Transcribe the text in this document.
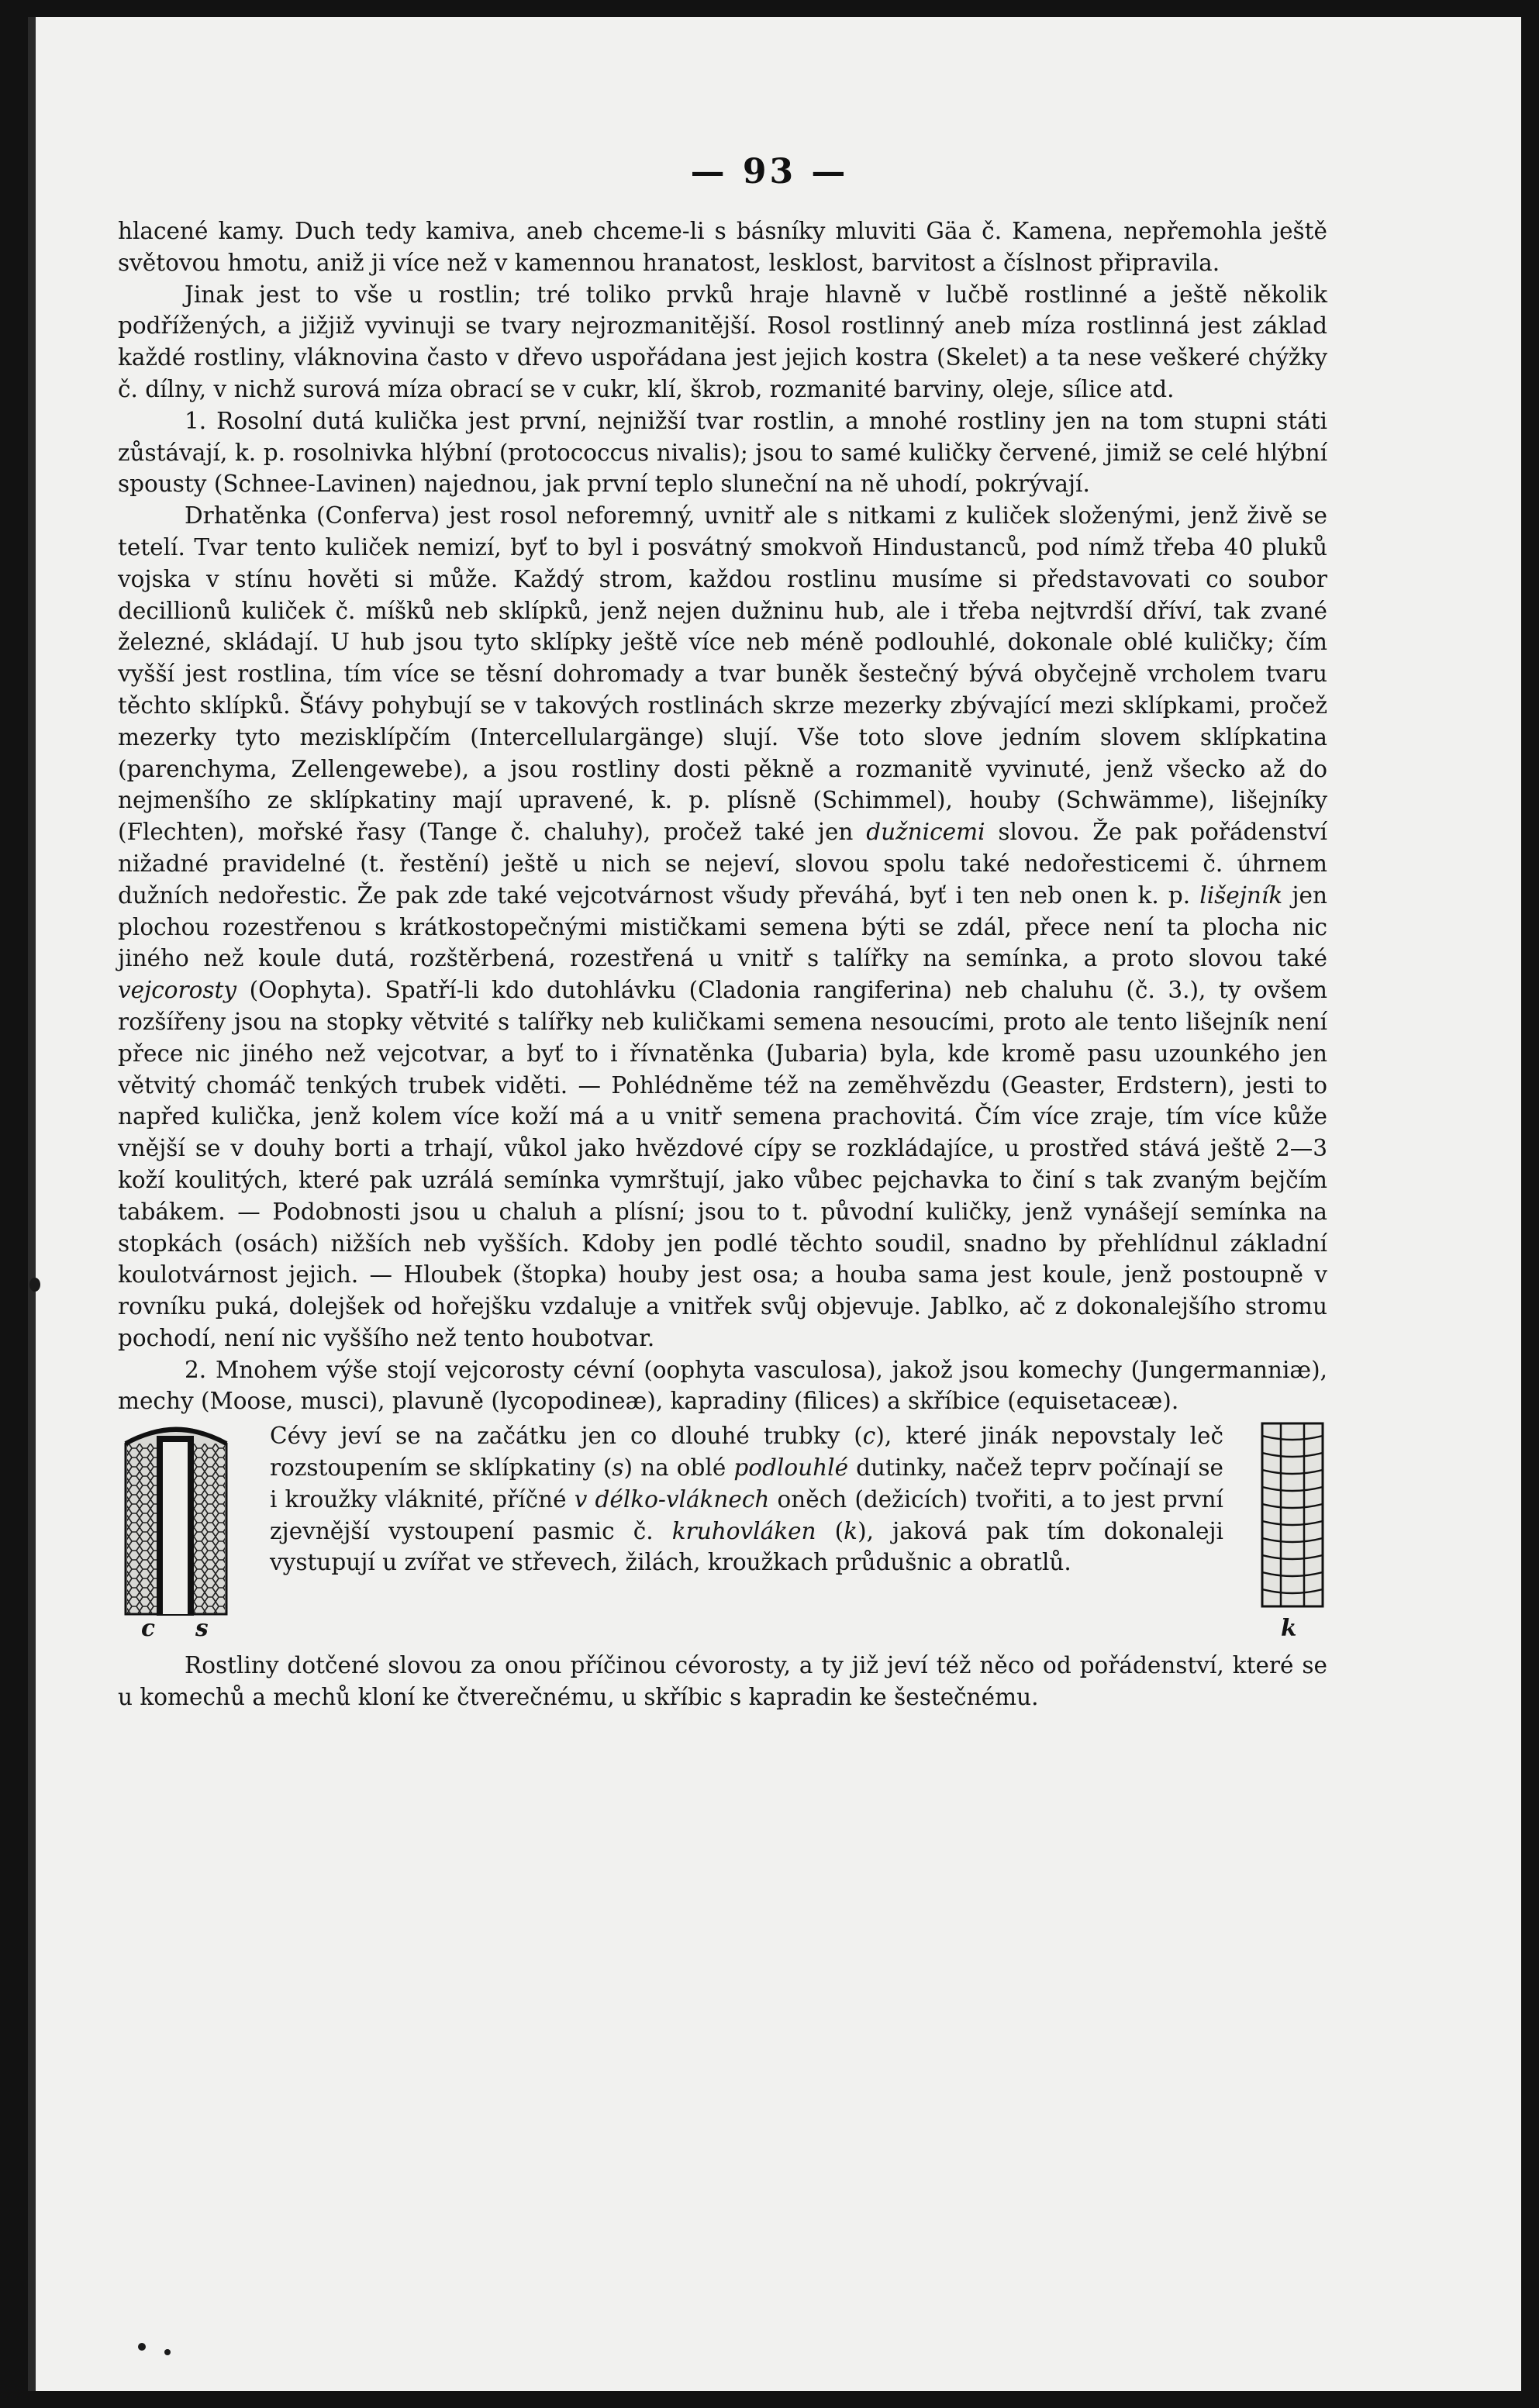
— 93 —

hlacené kamy. Duch tedy kamiva, aneb chceme-li s básníky mluviti Gäa č. Kamena, nepřemohla ještě světovou hmotu, aniž ji více než v kamennou hranatost, lesklost, barvitost a číslnost připravila.

Jinak jest to vše u rostlin; tré toliko prvků hraje hlavně v lučbě rostlinné a ještě několik podřížených, a jižjiž vyvinuji se tvary nejrozmanitější. Rosol rostlinný aneb míza rostlinná jest základ každé rostliny, vláknovina často v dřevo uspořádana jest jejich kostra (Skelet) a ta nese veškeré chýžky č. dílny, v nichž surová míza obrací se v cukr, klí, škrob, rozmanité barviny, oleje, sílice atd.

1. Rosolní dutá kulička jest první, nejnižší tvar rostlin, a mnohé rostliny jen na tom stupni státi zůstávají, k. p. rosolnivka hlýbní (protococcus nivalis); jsou to samé kuličky červené, jimiž se celé hlýbní spousty (Schnee-Lavinen) najednou, jak první teplo sluneční na ně uhodí, pokrývají.

Drhatěnka (Conferva) jest rosol neforemný, uvnitř ale s nitkami z kuliček složenými, jenž živě se tetelí. Tvar tento kuliček nemizí, byť to byl i posvátný smokvoň Hindustanců, pod nímž třeba 40 pluků vojska v stínu hověti si může. Každý strom, každou rostlinu musíme si představovati co soubor decillionů kuliček č. míšků neb sklípků, jenž nejen dužninu hub, ale i třeba nejtvrdší dříví, tak zvané železné, skládají. U hub jsou tyto sklípky ještě více neb méně podlouhlé, dokonale oblé kuličky; čím vyšší jest rostlina, tím více se těsní dohromady a tvar buněk šestečný bývá obyčejně vrcholem tvaru těchto sklípků. Šťávy pohybují se v takových rostlinách skrze mezerky zbývající mezi sklípkami, pročež mezerky tyto mezisklípčím (Intercellulargänge) slují. Vše toto slove jedním slovem sklípkatina (parenchyma, Zellengewebe), a jsou rostliny dosti pěkně a rozmanitě vyvinuté, jenž všecko až do nejmenšího ze sklípkatiny mají upravené, k. p. plísně (Schimmel), houby (Schwämme), lišejníky (Flechten), mořské řasy (Tange č. chaluhy), pročež také jen dužnicemi slovou. Že pak pořádenství nižadné pravidelné (t. řestění) ještě u nich se nejeví, slovou spolu také nedořesticemi č. úhrnem dužních nedořestic. Že pak zde také vejcotvárnost všudy převáhá, byť i ten neb onen k. p. lišejník jen plochou rozestřenou s krátkostopečnými mističkami semena býti se zdál, přece není ta plocha nic jiného než koule dutá, rozštěrbená, rozestřená u vnitř s talířky na semínka, a proto slovou také vejcorosty (Oophyta). Spatří-li kdo dutohlávku (Cladonia rangiferina) neb chaluhu (č. 3.), ty ovšem rozšířeny jsou na stopky větvité s talířky neb kuličkami semena nesoucími, proto ale tento lišejník není přece nic jiného než vejcotvar, a byť to i řívnatěnka (Jubaria) byla, kde kromě pasu uzounkého jen větvitý chomáč tenkých trubek viděti. — Pohlédněme též na zeměhvězdu (Geaster, Erdstern), jesti to napřed kulička, jenž kolem více koží má a u vnitř semena prachovitá. Čím více zraje, tím více kůže vnější se v douhy borti a trhají, vůkol jako hvězdové cípy se rozkládajíce, u prostřed stává ještě 2—3 koží koulitých, které pak uzrálá semínka vymrštují, jako vůbec pejchavka to činí s tak zvaným bejčím tabákem. — Podobnosti jsou u chaluh a plísní; jsou to t. původní kuličky, jenž vynášejí semínka na stopkách (osách) nižších neb vyšších. Kdoby jen podlé těchto soudil, snadno by přehlídnul základní koulotvárnost jejich. — Hloubek (štopka) houby jest osa; a houba sama jest koule, jenž postoupně v rovníku puká, dolejšek od hořejšku vzdaluje a vnitřek svůj objevuje. Jablko, ač z dokonalejšího stromu pochodí, není nic vyššího než tento houbotvar.

2. Mnohem výše stojí vejcorosty cévní (oophyta vasculosa), jakož jsou komechy (Jungermanniæ), mechy (Moose, musci), plavuně (lycopodineæ), kapradiny (filices) a skříbice (equisetaceæ).

c s
Cévy jeví se na začátku jen co dlouhé trubky (c), které jinák nepovstaly leč rozstoupením se sklípkatiny (s) na oblé podlouhlé dutinky, načež teprv počínají se i kroužky vláknité, příčné v délko-vláknech oněch (dežicích) tvořiti, a to jest první zjevnější vystoupení pasmic č. kruhovláken (k), jaková pak tím dokonaleji vystupují u zvířat ve střevech, žilách, kroužkach průdušnic a obratlů.
k

Rostliny dotčené slovou za onou příčinou cévorosty, a ty již jeví též něco od pořádenství, které se u komechů a mechů kloní ke čtverečnému, u skříbic s kapradin ke šestečnému.
